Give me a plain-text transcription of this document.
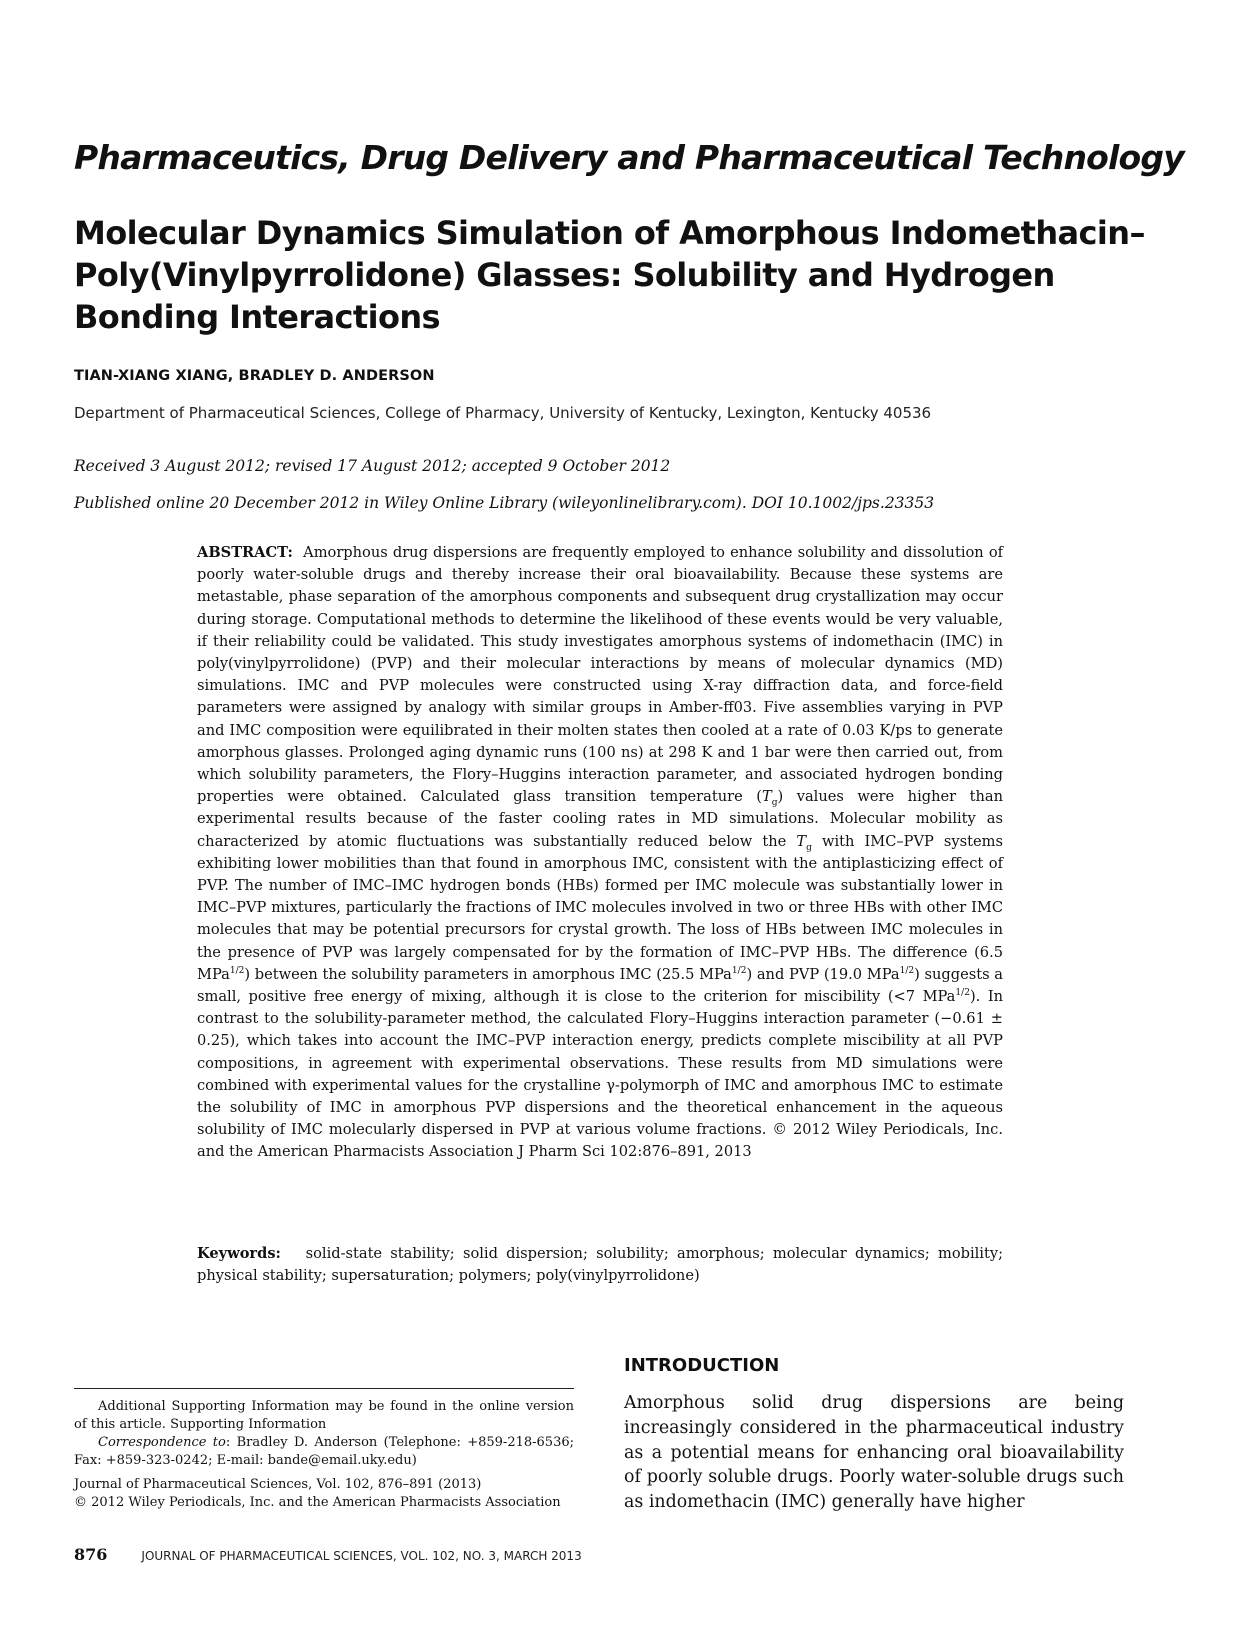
Pharmaceutics, Drug Delivery and Pharmaceutical Technology
Molecular Dynamics Simulation of Amorphous Indomethacin–Poly(Vinylpyrrolidone) Glasses: Solubility and Hydrogen Bonding Interactions
TIAN-XIANG XIANG, BRADLEY D. ANDERSON
Department of Pharmaceutical Sciences, College of Pharmacy, University of Kentucky, Lexington, Kentucky 40536
Received 3 August 2012; revised 17 August 2012; accepted 9 October 2012
Published online 20 December 2012 in Wiley Online Library (wileyonlinelibrary.com). DOI 10.1002/jps.23353
ABSTRACT: Amorphous drug dispersions are frequently employed to enhance solubility and dissolution of poorly water-soluble drugs and thereby increase their oral bioavailability. Because these systems are metastable, phase separation of the amorphous components and subsequent drug crystallization may occur during storage. Computational methods to determine the likelihood of these events would be very valuable, if their reliability could be validated. This study investigates amorphous systems of indomethacin (IMC) in poly(vinylpyrrolidone) (PVP) and their molecular interactions by means of molecular dynamics (MD) simulations. IMC and PVP molecules were constructed using X-ray diffraction data, and force-field parameters were assigned by analogy with similar groups in Amber-ff03. Five assemblies varying in PVP and IMC composition were equilibrated in their molten states then cooled at a rate of 0.03 K/ps to generate amorphous glasses. Prolonged aging dynamic runs (100 ns) at 298 K and 1 bar were then carried out, from which solubility parameters, the Flory–Huggins interaction parameter, and associated hydrogen bonding properties were obtained. Calculated glass transition temperature $(T_g)$ values were higher than experimental results because of the faster cooling rates in MD simulations. Molecular mobility as characterized by atomic fluctuations was substantially reduced below the $T_g$ with IMC–PVP systems exhibiting lower mobilities than that found in amorphous IMC, consistent with the antiplasticizing effect of PVP. The number of IMC–IMC hydrogen bonds (HBs) formed per IMC molecule was substantially lower in IMC–PVP mixtures, particularly the fractions of IMC molecules involved in two or three HBs with other IMC molecules that may be potential precursors for crystal growth. The loss of HBs between IMC molecules in the presence of PVP was largely compensated for by the formation of IMC–PVP HBs. The difference (6.5 MPa$^{1/2}$) between the solubility parameters in amorphous IMC (25.5 MPa$^{1/2}$) and PVP (19.0 MPa$^{1/2}$) suggests a small, positive free energy of mixing, although it is close to the criterion for miscibility (<7 MPa$^{1/2}$). In contrast to the solubility-parameter method, the calculated Flory–Huggins interaction parameter (−0.61 ± 0.25), which takes into account the IMC–PVP interaction energy, predicts complete miscibility at all PVP compositions, in agreement with experimental observations. These results from MD simulations were combined with experimental values for the crystalline γ-polymorph of IMC and amorphous IMC to estimate the solubility of IMC in amorphous PVP dispersions and the theoretical enhancement in the aqueous solubility of IMC molecularly dispersed in PVP at various volume fractions. © 2012 Wiley Periodicals, Inc. and the American Pharmacists Association J Pharm Sci 102:876–891, 2013
Keywords: solid-state stability; solid dispersion; solubility; amorphous; molecular dynamics; mobility; physical stability; supersaturation; polymers; poly(vinylpyrrolidone)

Additional Supporting Information may be found in the online version of this article. Supporting Information

Correspondence to: Bradley D. Anderson (Telephone: +859-218-6536; Fax: +859-323-0242; E-mail: bande@email.uky.edu)

Journal of Pharmaceutical Sciences, Vol. 102, 876–891 (2013)

© 2012 Wiley Periodicals, Inc. and the American Pharmacists Association

INTRODUCTION

Amorphous solid drug dispersions are being increasingly considered in the pharmaceutical industry as a potential means for enhancing oral bioavailability of poorly soluble drugs. Poorly water-soluble drugs such as indomethacin (IMC) generally have higher

876	JOURNAL OF PHARMACEUTICAL SCIENCES, VOL. 102, NO. 3, MARCH 2013
